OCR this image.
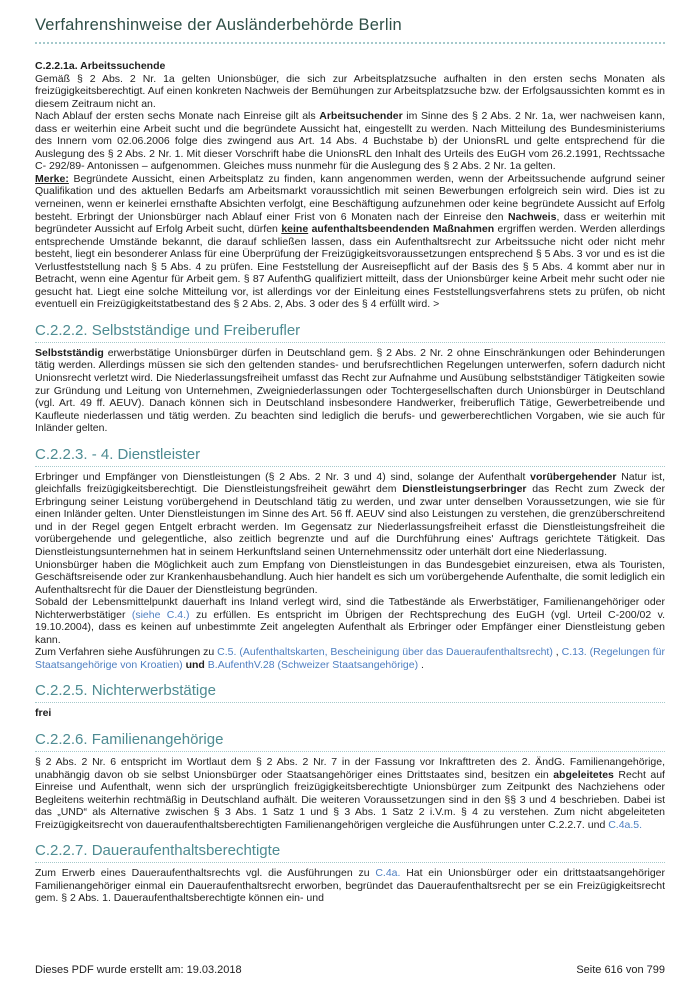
Verfahrenshinweise der Ausländerbehörde Berlin
C.2.2.1a. Arbeitssuchende

Gemäß § 2 Abs. 2 Nr. 1a gelten Unionsbüger, die sich zur Arbeitsplatzsuche aufhalten in den ersten sechs Monaten als freizügigkeitsberechtigt. Auf einen konkreten Nachweis der Bemühungen zur Arbeitsplatzsuche bzw. der Erfolgsaussichten kommt es in diesem Zeitraum nicht an.

Nach Ablauf der ersten sechs Monate nach Einreise gilt als Arbeitsuchender im Sinne des § 2 Abs. 2 Nr. 1a, wer nachweisen kann, dass er weiterhin eine Arbeit sucht und die begründete Aussicht hat, eingestellt zu werden. Nach Mitteilung des Bundesministeriums des Innern vom 02.06.2006 folge dies zwingend aus Art. 14 Abs. 4 Buchstabe b) der UnionsRL und gelte entsprechend für die Auslegung des § 2 Abs. 2 Nr. 1. Mit dieser Vorschrift habe die UnionsRL den Inhalt des Urteils des EuGH vom 26.2.1991, Rechtssache C- 292/89- Antonissen – aufgenommen. Gleiches muss nunmehr für die Auslegung des § 2 Abs. 2 Nr. 1a gelten.

Merke: Begründete Aussicht, einen Arbeitsplatz zu finden, kann angenommen werden, wenn der Arbeitssuchende aufgrund seiner Qualifikation und des aktuellen Bedarfs am Arbeitsmarkt voraussichtlich mit seinen Bewerbungen erfolgreich sein wird. Dies ist zu verneinen, wenn er keinerlei ernsthafte Absichten verfolgt, eine Beschäftigung aufzunehmen oder keine begründete Aussicht auf Erfolg besteht. Erbringt der Unionsbürger nach Ablauf einer Frist von 6 Monaten nach der Einreise den Nachweis, dass er weiterhin mit begründeter Aussicht auf Erfolg Arbeit sucht, dürfen keine aufenthaltsbeendenden Maßnahmen ergriffen werden. Werden allerdings entsprechende Umstände bekannt, die darauf schließen lassen, dass ein Aufenthaltsrecht zur Arbeitssuche nicht oder nicht mehr besteht, liegt ein besonderer Anlass für eine Überprüfung der Freizügigkeitsvoraussetzungen entsprechend § 5 Abs. 3 vor und es ist die Verlustfeststellung nach § 5 Abs. 4 zu prüfen. Eine Feststellung der Ausreisepflicht auf der Basis des § 5 Abs. 4 kommt aber nur in Betracht, wenn eine Agentur für Arbeit gem. § 87 AufenthG qualifiziert mitteilt, dass der Unionsbürger keine Arbeit mehr sucht oder nie gesucht hat. Liegt eine solche Mitteilung vor, ist allerdings vor der Einleitung eines Feststellungsverfahrens stets zu prüfen, ob nicht eventuell ein Freizügigkeitstatbestand des § 2 Abs. 2, Abs. 3 oder des § 4 erfüllt wird. >

C.2.2.2. Selbstständige und Freiberufler

Selbstständig erwerbstätige Unionsbürger dürfen in Deutschland gem. § 2 Abs. 2 Nr. 2 ohne Einschränkungen oder Behinderungen tätig werden. Allerdings müssen sie sich den geltenden standes- und berufsrechtlichen Regelungen unterwerfen, sofern dadurch nicht Unionsrecht verletzt wird. Die Niederlassungsfreiheit umfasst das Recht zur Aufnahme und Ausübung selbstständiger Tätigkeiten sowie zur Gründung und Leitung von Unternehmen, Zweigniederlassungen oder Tochtergesellschaften durch Unionsbürger in Deutschland (vgl. Art. 49 ff. AEUV). Danach können sich in Deutschland insbesondere Handwerker, freiberuflich Tätige, Gewerbetreibende und Kaufleute niederlassen und tätig werden. Zu beachten sind lediglich die berufs- und gewerberechtlichen Vorgaben, wie sie auch für Inländer gelten.

C.2.2.3. - 4. Dienstleister

Erbringer und Empfänger von Dienstleistungen (§ 2 Abs. 2 Nr. 3 und 4) sind, solange der Aufenthalt vorübergehender Natur ist, gleichfalls freizügigkeitsberechtigt. Die Dienstleistungsfreiheit gewährt dem Dienstleistungserbringer das Recht zum Zweck der Erbringung seiner Leistung vorübergehend in Deutschland tätig zu werden, und zwar unter denselben Voraussetzungen, wie sie für einen Inländer gelten. Unter Dienstleistungen im Sinne des Art. 56 ff. AEUV sind also Leistungen zu verstehen, die grenzüberschreitend und in der Regel gegen Entgelt erbracht werden. Im Gegensatz zur Niederlassungsfreiheit erfasst die Dienstleistungsfreiheit die vorübergehende und gelegentliche, also zeitlich begrenzte und auf die Durchführung eines' Auftrags gerichtete Tätigkeit. Das Dienstleistungsunternehmen hat in seinem Herkunftsland seinen Unternehmenssitz oder unterhält dort eine Niederlassung.

Unionsbürger haben die Möglichkeit auch zum Empfang von Dienstleistungen in das Bundesgebiet einzureisen, etwa als Touristen, Geschäftsreisende oder zur Krankenhausbehandlung. Auch hier handelt es sich um vorübergehende Aufenthalte, die somit lediglich ein Aufenthaltsrecht für die Dauer der Dienstleistung begründen.

Sobald der Lebensmittelpunkt dauerhaft ins Inland verlegt wird, sind die Tatbestände als Erwerbstätiger, Familienangehöriger oder Nichterwerbstätiger (siehe C.4.) zu erfüllen. Es entspricht im Übrigen der Rechtsprechung des EuGH (vgl. Urteil C-200/02 v. 19.10.2004), dass es keinen auf unbestimmte Zeit angelegten Aufenthalt als Erbringer oder Empfänger einer Dienstleistung geben kann.

Zum Verfahren siehe Ausführungen zu C.5. (Aufenthaltskarten, Bescheinigung über das Daueraufenthaltsrecht) , C.13. (Regelungen für Staatsangehörige von Kroatien) und B.AufenthV.28 (Schweizer Staatsangehörige) .

C.2.2.5. Nichterwerbstätige

frei

C.2.2.6. Familienangehörige

§ 2 Abs. 2 Nr. 6 entspricht im Wortlaut dem § 2 Abs. 2 Nr. 7 in der Fassung vor Inkrafttreten des 2. ÄndG. Familienangehörige, unabhängig davon ob sie selbst Unionsbürger oder Staatsangehöriger eines Drittstaates sind, besitzen ein abgeleitetes Recht auf Einreise und Aufenthalt, wenn sich der ursprünglich freizügigkeitsberechtigte Unionsbürger zum Zeitpunkt des Nachziehens oder Begleitens weiterhin rechtmäßig in Deutschland aufhält. Die weiteren Voraussetzungen sind in den §§ 3 und 4 beschrieben. Dabei ist das „UND“ als Alternative zwischen § 3 Abs. 1 Satz 1 und § 3 Abs. 1 Satz 2 i.V.m. § 4 zu verstehen. Zum nicht abgeleiteten Freizügigkeitsrecht von daueraufenthaltsberechtigten Familienangehörigen vergleiche die Ausführungen unter C.2.2.7. und C.4a.5.

C.2.2.7. Daueraufenthaltsberechtigte

Zum Erwerb eines Daueraufenthaltsrechts vgl. die Ausführungen zu C.4a. Hat ein Unionsbürger oder ein drittstaatsangehöriger Familienangehöriger einmal ein Daueraufenthaltsrecht erworben, begründet das Daueraufenthaltsrecht per se ein Freizügigkeitsrecht gem. § 2 Abs. 1. Daueraufenthaltsberechtigte können ein- und

Dieses PDF wurde erstellt am: 19.03.2018	Seite 616 von 799
